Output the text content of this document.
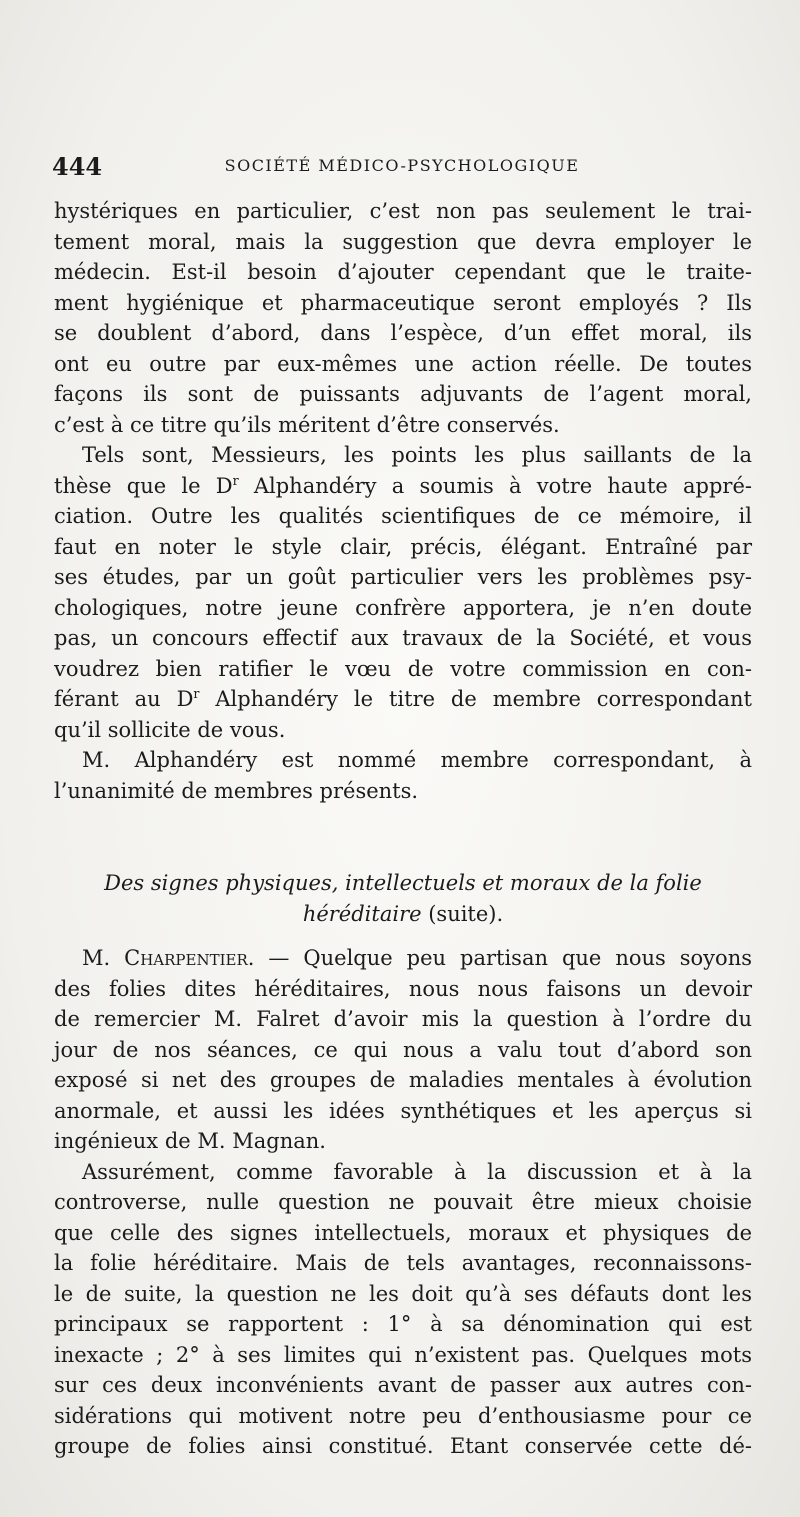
444	SOCIÉTÉ MÉDICO-PSYCHOLOGIQUE
hystériques en particulier, c’est non pas seulement le trai-
tement moral, mais la suggestion que devra employer le
médecin. Est-il besoin d’ajouter cependant que le traite-
ment hygiénique et pharmaceutique seront employés ? Ils
se doublent d’abord, dans l’espèce, d’un effet moral, ils
ont eu outre par eux-mêmes une action réelle. De toutes
façons ils sont de puissants adjuvants de l’agent moral,
c’est à ce titre qu’ils méritent d’être conservés.
Tels sont, Messieurs, les points les plus saillants de la
thèse que le $D^r$ Alphandéry a soumis à votre haute appré-
ciation. Outre les qualités scientifiques de ce mémoire, il
faut en noter le style clair, précis, élégant. Entraîné par
ses études, par un goût particulier vers les problèmes psy-
chologiques, notre jeune confrère apportera, je n’en doute
pas, un concours effectif aux travaux de la Société, et vous
voudrez bien ratifier le vœu de votre commission en con-
férant au $D^r$ Alphandéry le titre de membre correspondant
qu’il sollicite de vous.
M. Alphandéry est nommé membre correspondant, à
l’unanimité de membres présents.
Des signes physiques, intellectuels et moraux de la folie
héréditaire (suite).
M. Charpentier. — Quelque peu partisan que nous soyons
des folies dites héréditaires, nous nous faisons un devoir
de remercier M. Falret d’avoir mis la question à l’ordre du
jour de nos séances, ce qui nous a valu tout d’abord son
exposé si net des groupes de maladies mentales à évolution
anormale, et aussi les idées synthétiques et les aperçus si
ingénieux de M. Magnan.
Assurément, comme favorable à la discussion et à la
controverse, nulle question ne pouvait être mieux choisie
que celle des signes intellectuels, moraux et physiques de
la folie héréditaire. Mais de tels avantages, reconnaissons-
le de suite, la question ne les doit qu’à ses défauts dont les
principaux se rapportent : 1° à sa dénomination qui est
inexacte ; 2° à ses limites qui n’existent pas. Quelques mots
sur ces deux inconvénients avant de passer aux autres con-
sidérations qui motivent notre peu d’enthousiasme pour ce
groupe de folies ainsi constitué. Etant conservée cette dé-
